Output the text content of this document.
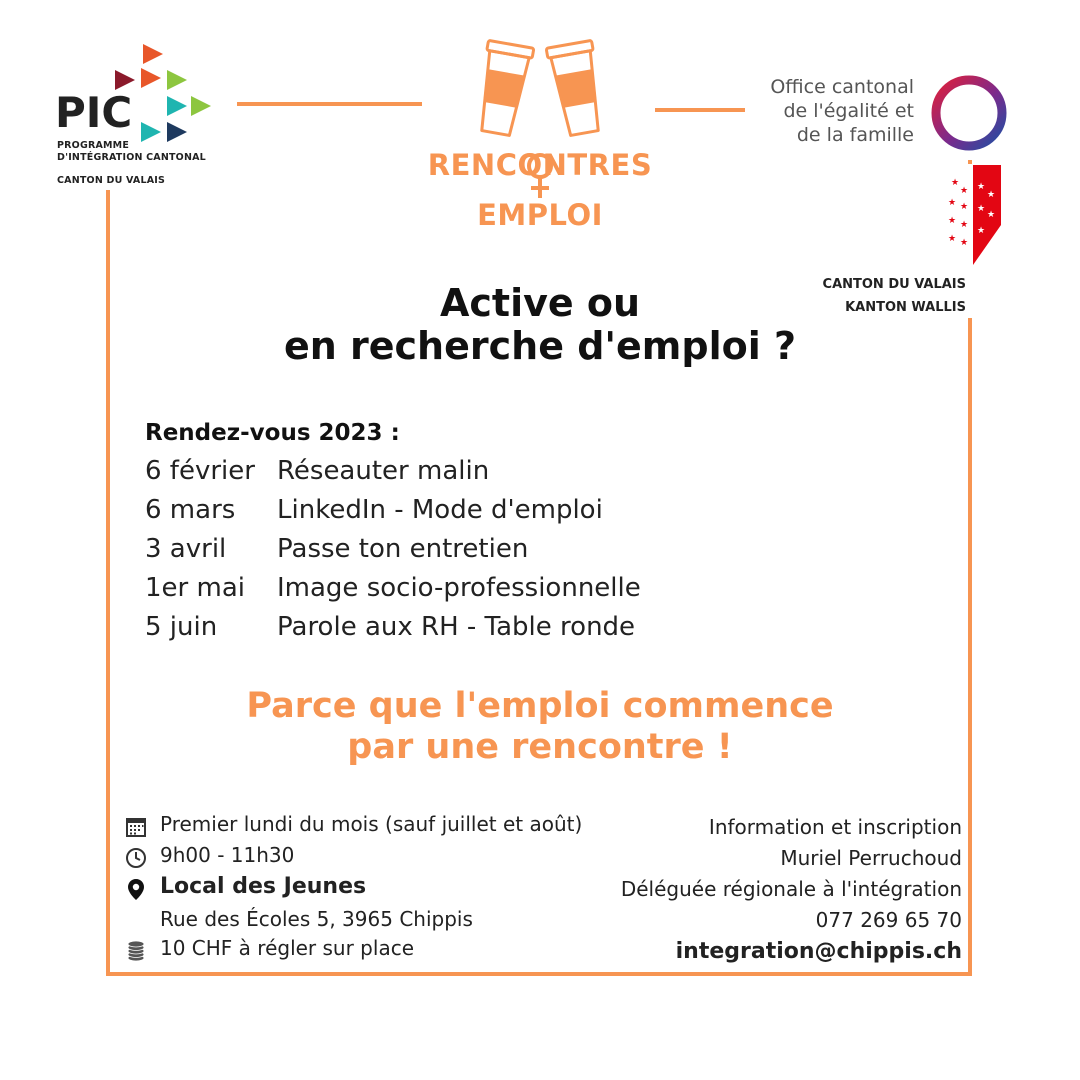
PIC
PROGRAMME
D'INTÉGRATION CANTONAL
CANTON DU VALAIS	RENCONTRES
EMPLOI
Office cantonal
de l'égalité et
de la famille
★
★
★ ★
★ ★
★ ★
★
★
★
★
★
CANTON DU VALAIS
KANTON WALLIS
Active ou
en recherche d'emploi ?
Rendez-vous 2023 :
6 février Réseauter malin
6 mars LinkedIn - Mode d'emploi
3 avril Passe ton entretien
1er mai Image socio-professionnelle
5 juin Parole aux RH - Table ronde
Parce que l'emploi commence
par une rencontre !
Premier lundi du mois (sauf juillet et août)
9h00 - 11h30
Local des Jeunes
Rue des Écoles 5, 3965 Chippis
10 CHF à régler sur place
Information et inscription
Muriel Perruchoud
Déléguée régionale à l'intégration
077 269 65 70
integration@chippis.ch
